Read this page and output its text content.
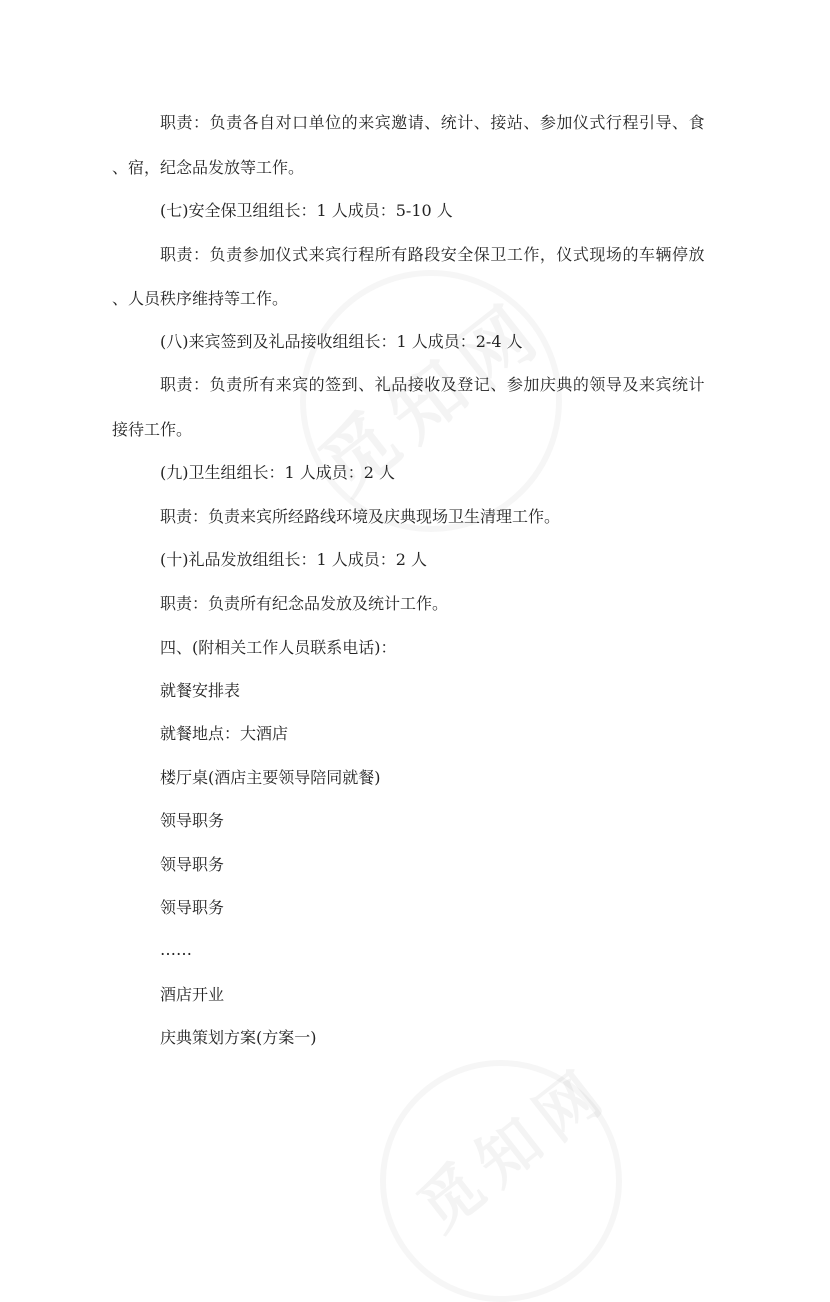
职 责 ： 负 责 各 自 对 口 单 位 的 来 宾 邀 请 、 统 计 、 接 站 、 参 加 仪 式 行 程 引 导 、 食
、宿，纪念品发放等工作。
(七)安全保卫组组长：1 人成员：5-10 人
职 责 ： 负 责 参 加 仪 式 来 宾 行 程 所 有 路 段 安 全 保 卫 工 作 ， 仪 式 现 场 的 车 辆 停 放
、人员秩序维持等工作。
(八)来宾签到及礼品接收组组长：1 人成员：2-4 人
职 责 ： 负 责 所 有 来 宾 的 签 到 、 礼 品 接 收 及 登 记 、 参 加 庆 典 的 领 导 及 来 宾 统 计
接待工作。
(九)卫生组组长：1 人成员：2 人
职责：负责来宾所经路线环境及庆典现场卫生清理工作。
(十)礼品发放组组长：1 人成员：2 人
职责：负责所有纪念品发放及统计工作。
四、(附相关工作人员联系电话)：
就餐安排表
就餐地点：大酒店
楼厅桌(酒店主要领导陪同就餐)
领导职务
领导职务
领导职务
……
酒店开业
庆典策划方案(方案一)
